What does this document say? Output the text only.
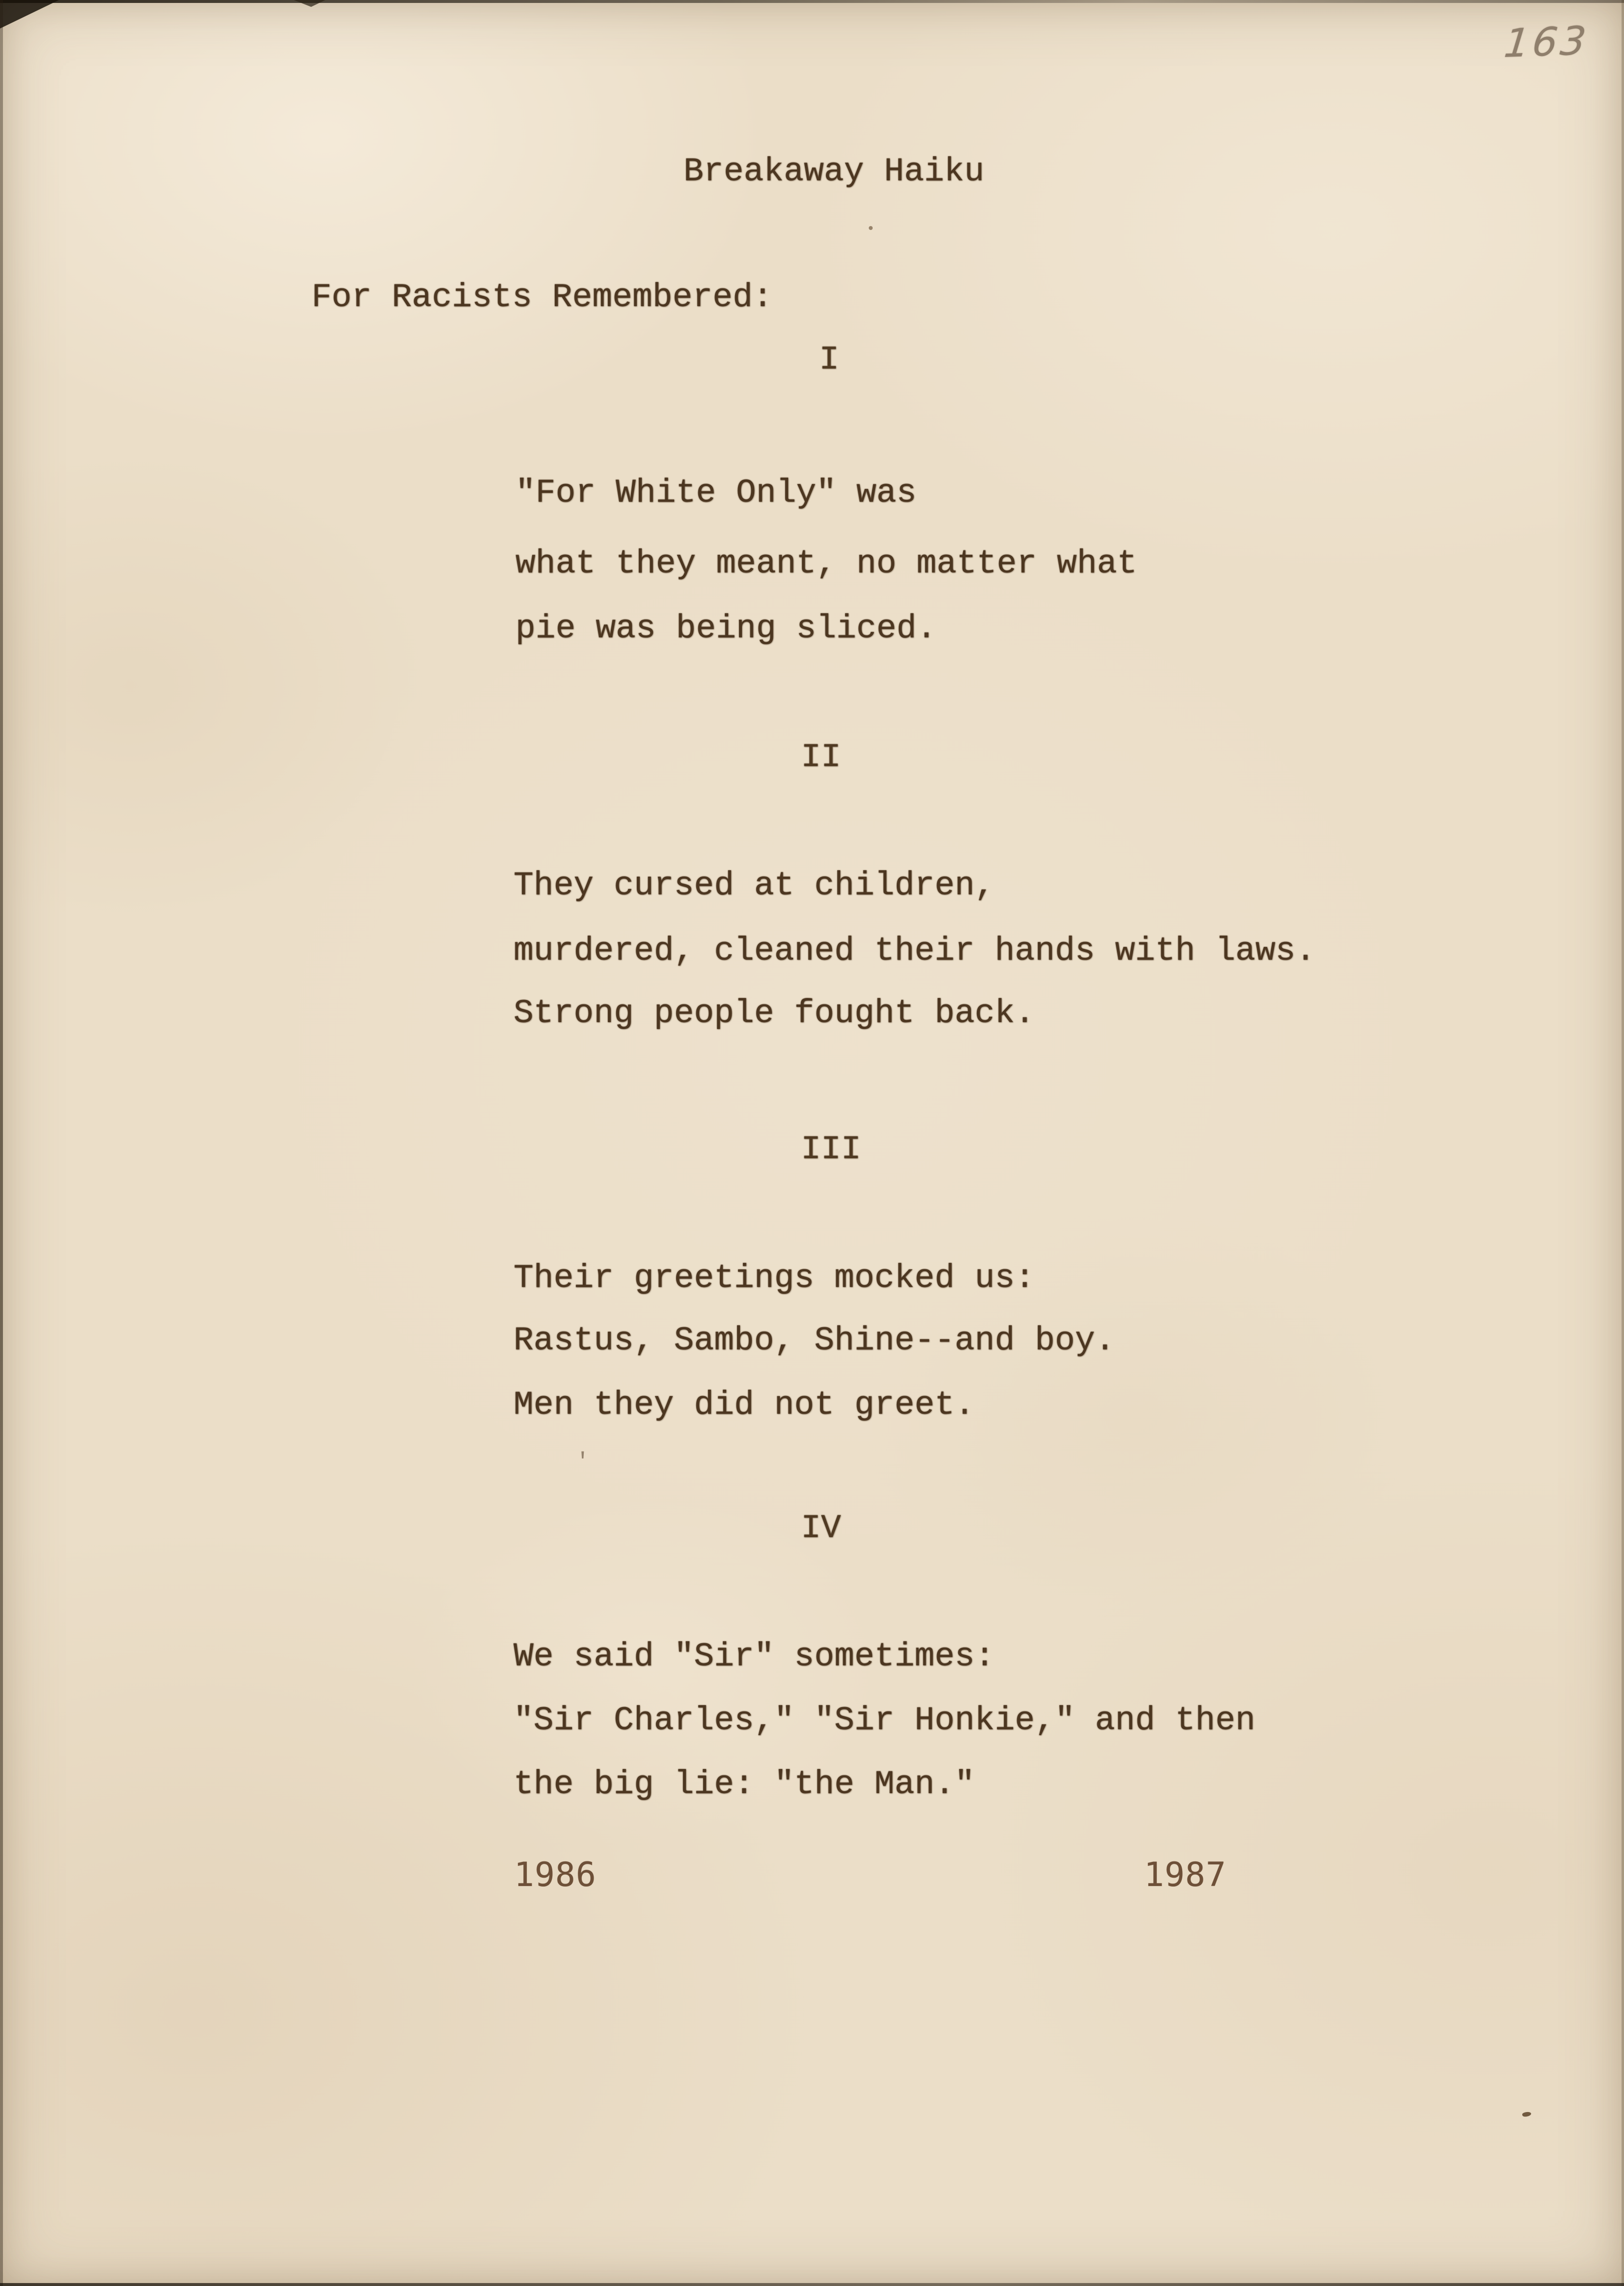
163
Breakaway Haiku
For Racists Remembered:
I
"For White Only" was
what they meant, no matter what
pie was being sliced.
II
They cursed at children,
murdered, cleaned their hands with laws.
Strong people fought back.
III
Their greetings mocked us:
Rastus, Sambo, Shine--and boy.
Men they did not greet.
'
IV
We said "Sir" sometimes:
"Sir Charles," "Sir Honkie," and then
the big lie: "the Man."
1986	1987
